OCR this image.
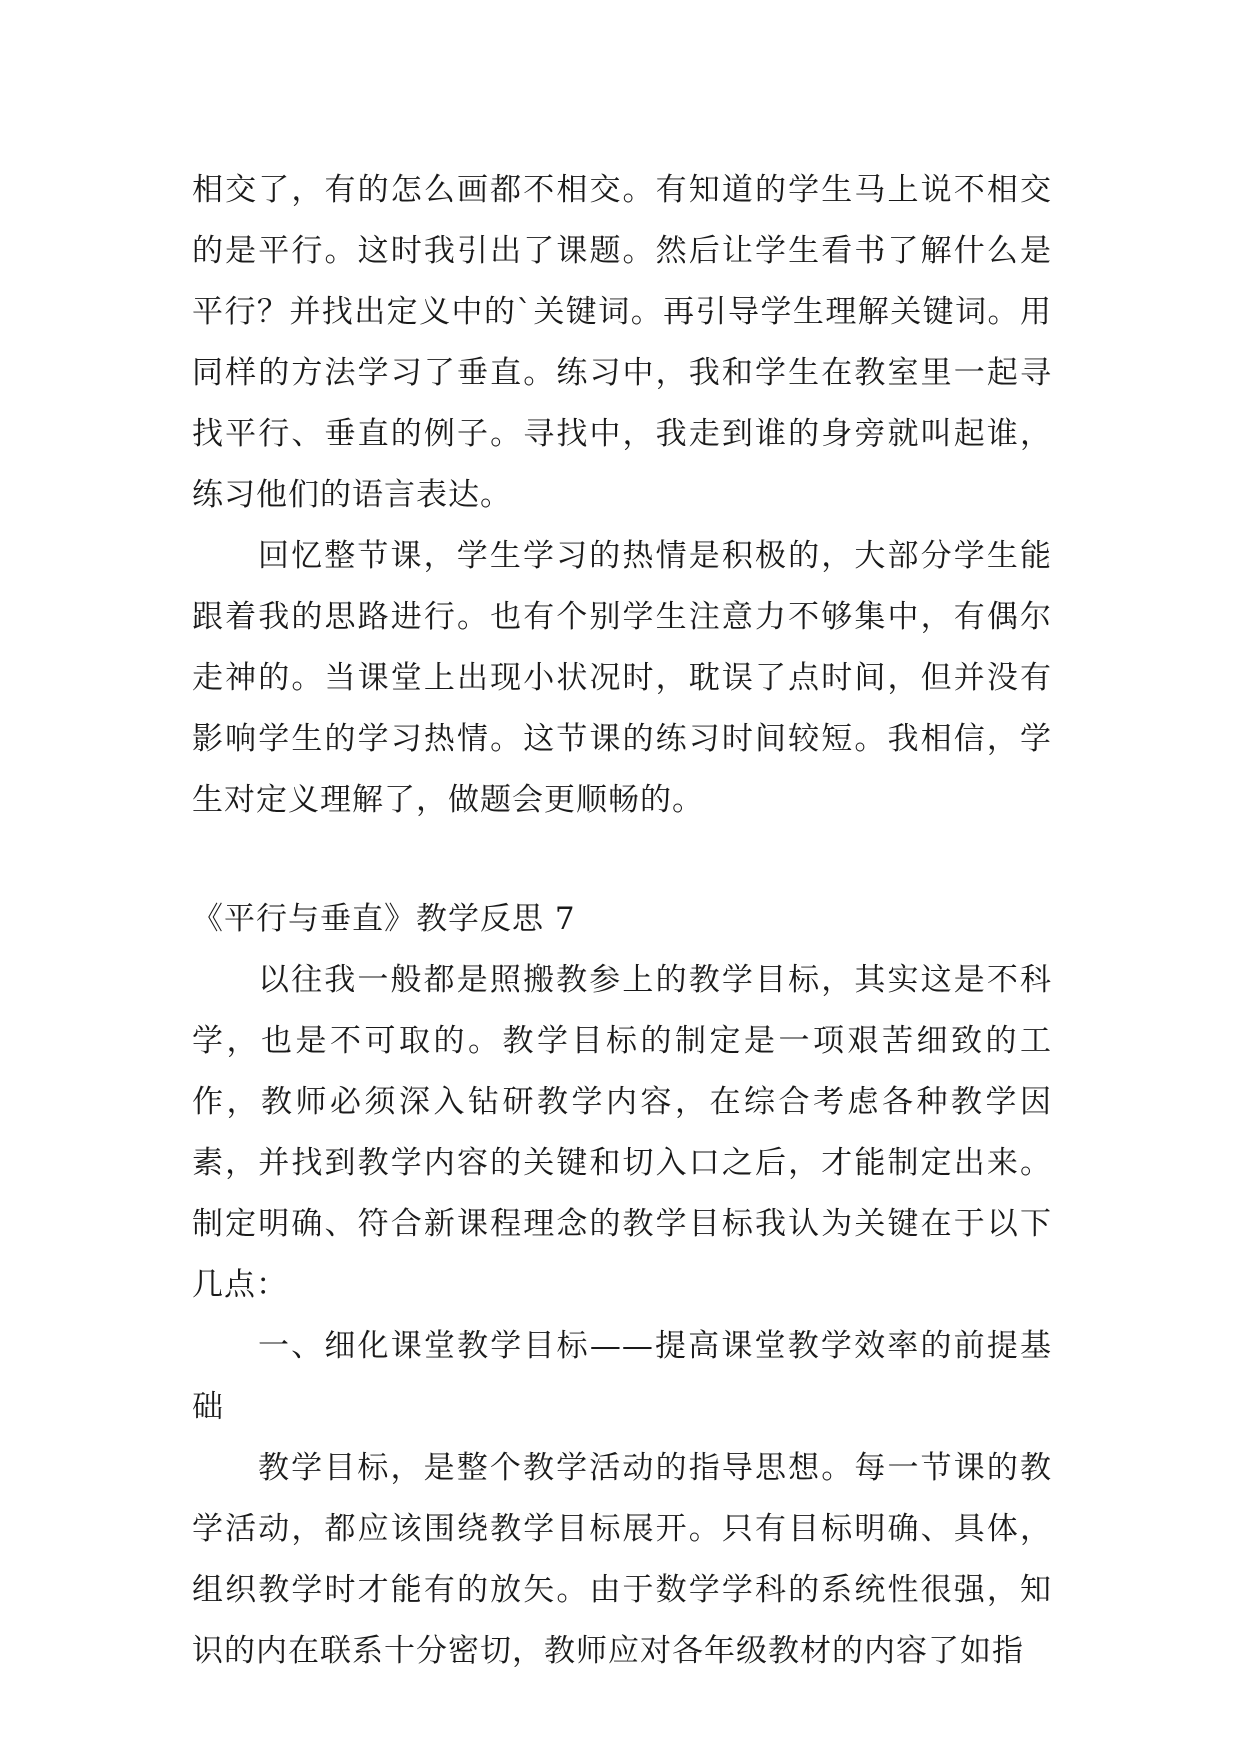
相交了，有的怎么画都不相交。有知道的学生马上说不相交的是平行。这时我引出了课题。然后让学生看书了解什么是平行？并找出定义中的`关键词。再引导学生理解关键词。用同样的方法学习了垂直。练习中，我和学生在教室里一起寻找平行、垂直的例子。寻找中，我走到谁的身旁就叫起谁，练习他们的语言表达。

回忆整节课，学生学习的热情是积极的，大部分学生能跟着我的思路进行。也有个别学生注意力不够集中，有偶尔走神的。当课堂上出现小状况时，耽误了点时间，但并没有影响学生的学习热情。这节课的练习时间较短。我相信，学生对定义理解了，做题会更顺畅的。

《平行与垂直》教学反思 7

以往我一般都是照搬教参上的教学目标，其实这是不科学，也是不可取的。教学目标的制定是一项艰苦细致的工作，教师必须深入钻研教学内容，在综合考虑各种教学因素，并找到教学内容的关键和切入口之后，才能制定出来。制定明确、符合新课程理念的教学目标我认为关键在于以下几点：

一、细化课堂教学目标——提高课堂教学效率的前提基础

教学目标，是整个教学活动的指导思想。每一节课的教学活动，都应该围绕教学目标展开。只有目标明确、具体，组织教学时才能有的放矢。由于数学学科的系统性很强，知识的内在联系十分密切，教师应对各年级教材的内容了如指
